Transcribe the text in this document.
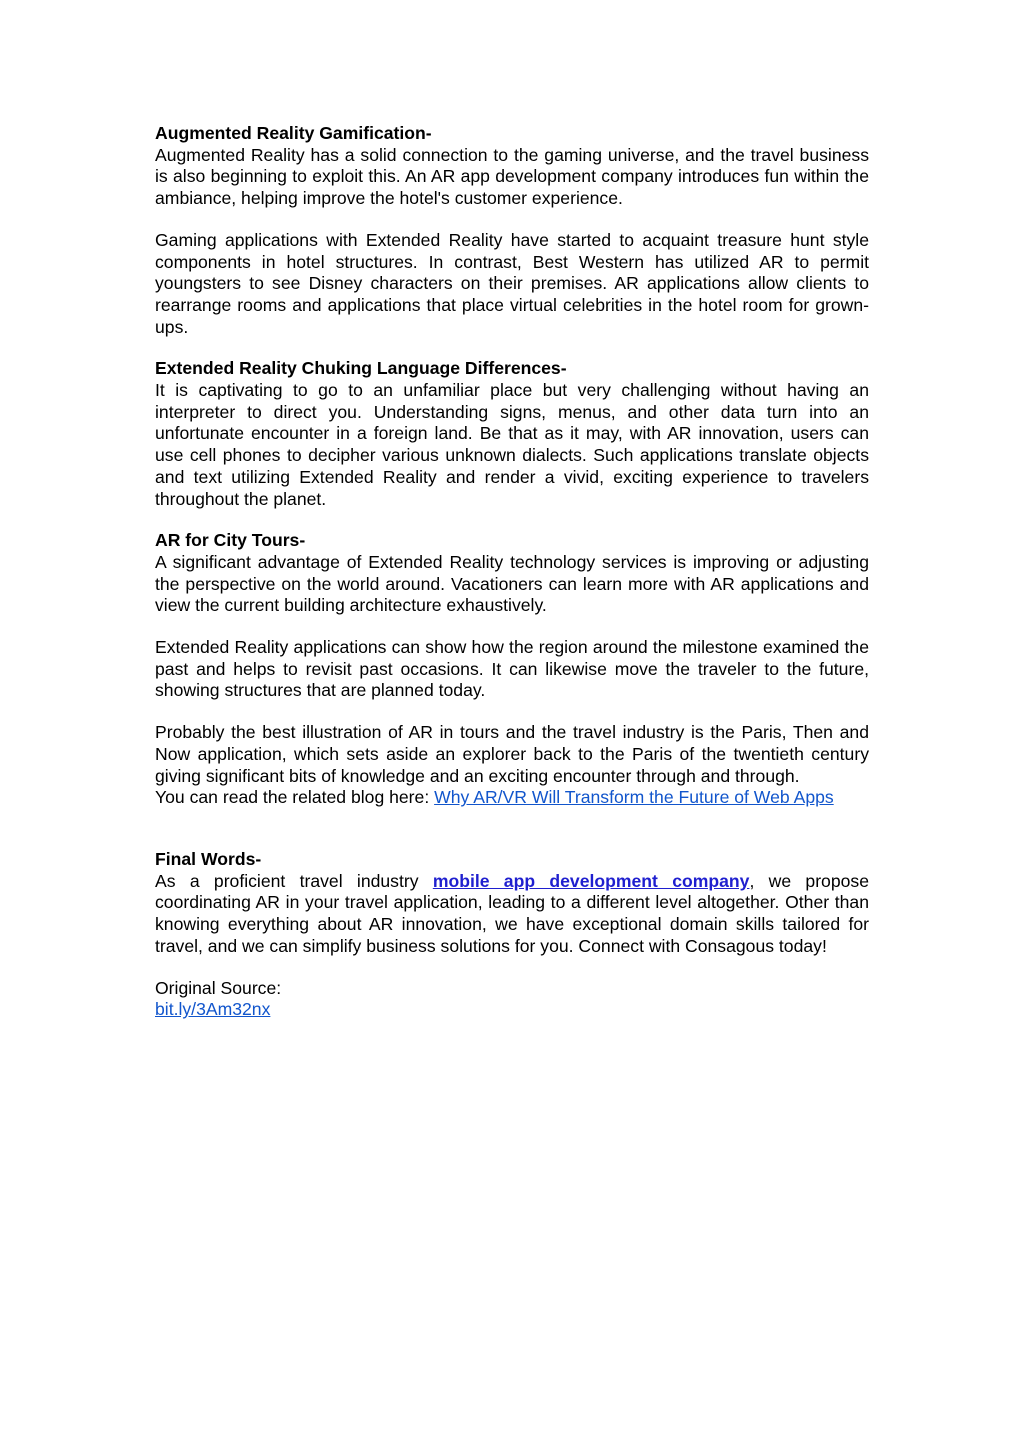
Augmented Reality Gamification-

Augmented Reality has a solid connection to the gaming universe, and the travel business is also beginning to exploit this. An AR app development company introduces fun within the ambiance, helping improve the hotel's customer experience.

Gaming applications with Extended Reality have started to acquaint treasure hunt style components in hotel structures. In contrast, Best Western has utilized AR to permit youngsters to see Disney characters on their premises. AR applications allow clients to rearrange rooms and applications that place virtual celebrities in the hotel room for grown-ups.

Extended Reality Chuking Language Differences-

It is captivating to go to an unfamiliar place but very challenging without having an interpreter to direct you. Understanding signs, menus, and other data turn into an unfortunate encounter in a foreign land. Be that as it may, with AR innovation, users can use cell phones to decipher various unknown dialects. Such applications translate objects and text utilizing Extended Reality and render a vivid, exciting experience to travelers throughout the planet.

AR for City Tours-

A significant advantage of Extended Reality technology services is improving or adjusting the perspective on the world around. Vacationers can learn more with AR applications and view the current building architecture exhaustively.

Extended Reality applications can show how the region around the milestone examined the past and helps to revisit past occasions. It can likewise move the traveler to the future, showing structures that are planned today.

Probably the best illustration of AR in tours and the travel industry is the Paris, Then and Now application, which sets aside an explorer back to the Paris of the twentieth century giving significant bits of knowledge and an exciting encounter through and through.

You can read the related blog here: Why AR/VR Will Transform the Future of Web Apps

Final Words-

As a proficient travel industry mobile app development company, we propose coordinating AR in your travel application, leading to a different level altogether. Other than knowing everything about AR innovation, we have exceptional domain skills tailored for travel, and we can simplify business solutions for you. Connect with Consagous today!

Original Source:
bit.ly/3Am32nx
